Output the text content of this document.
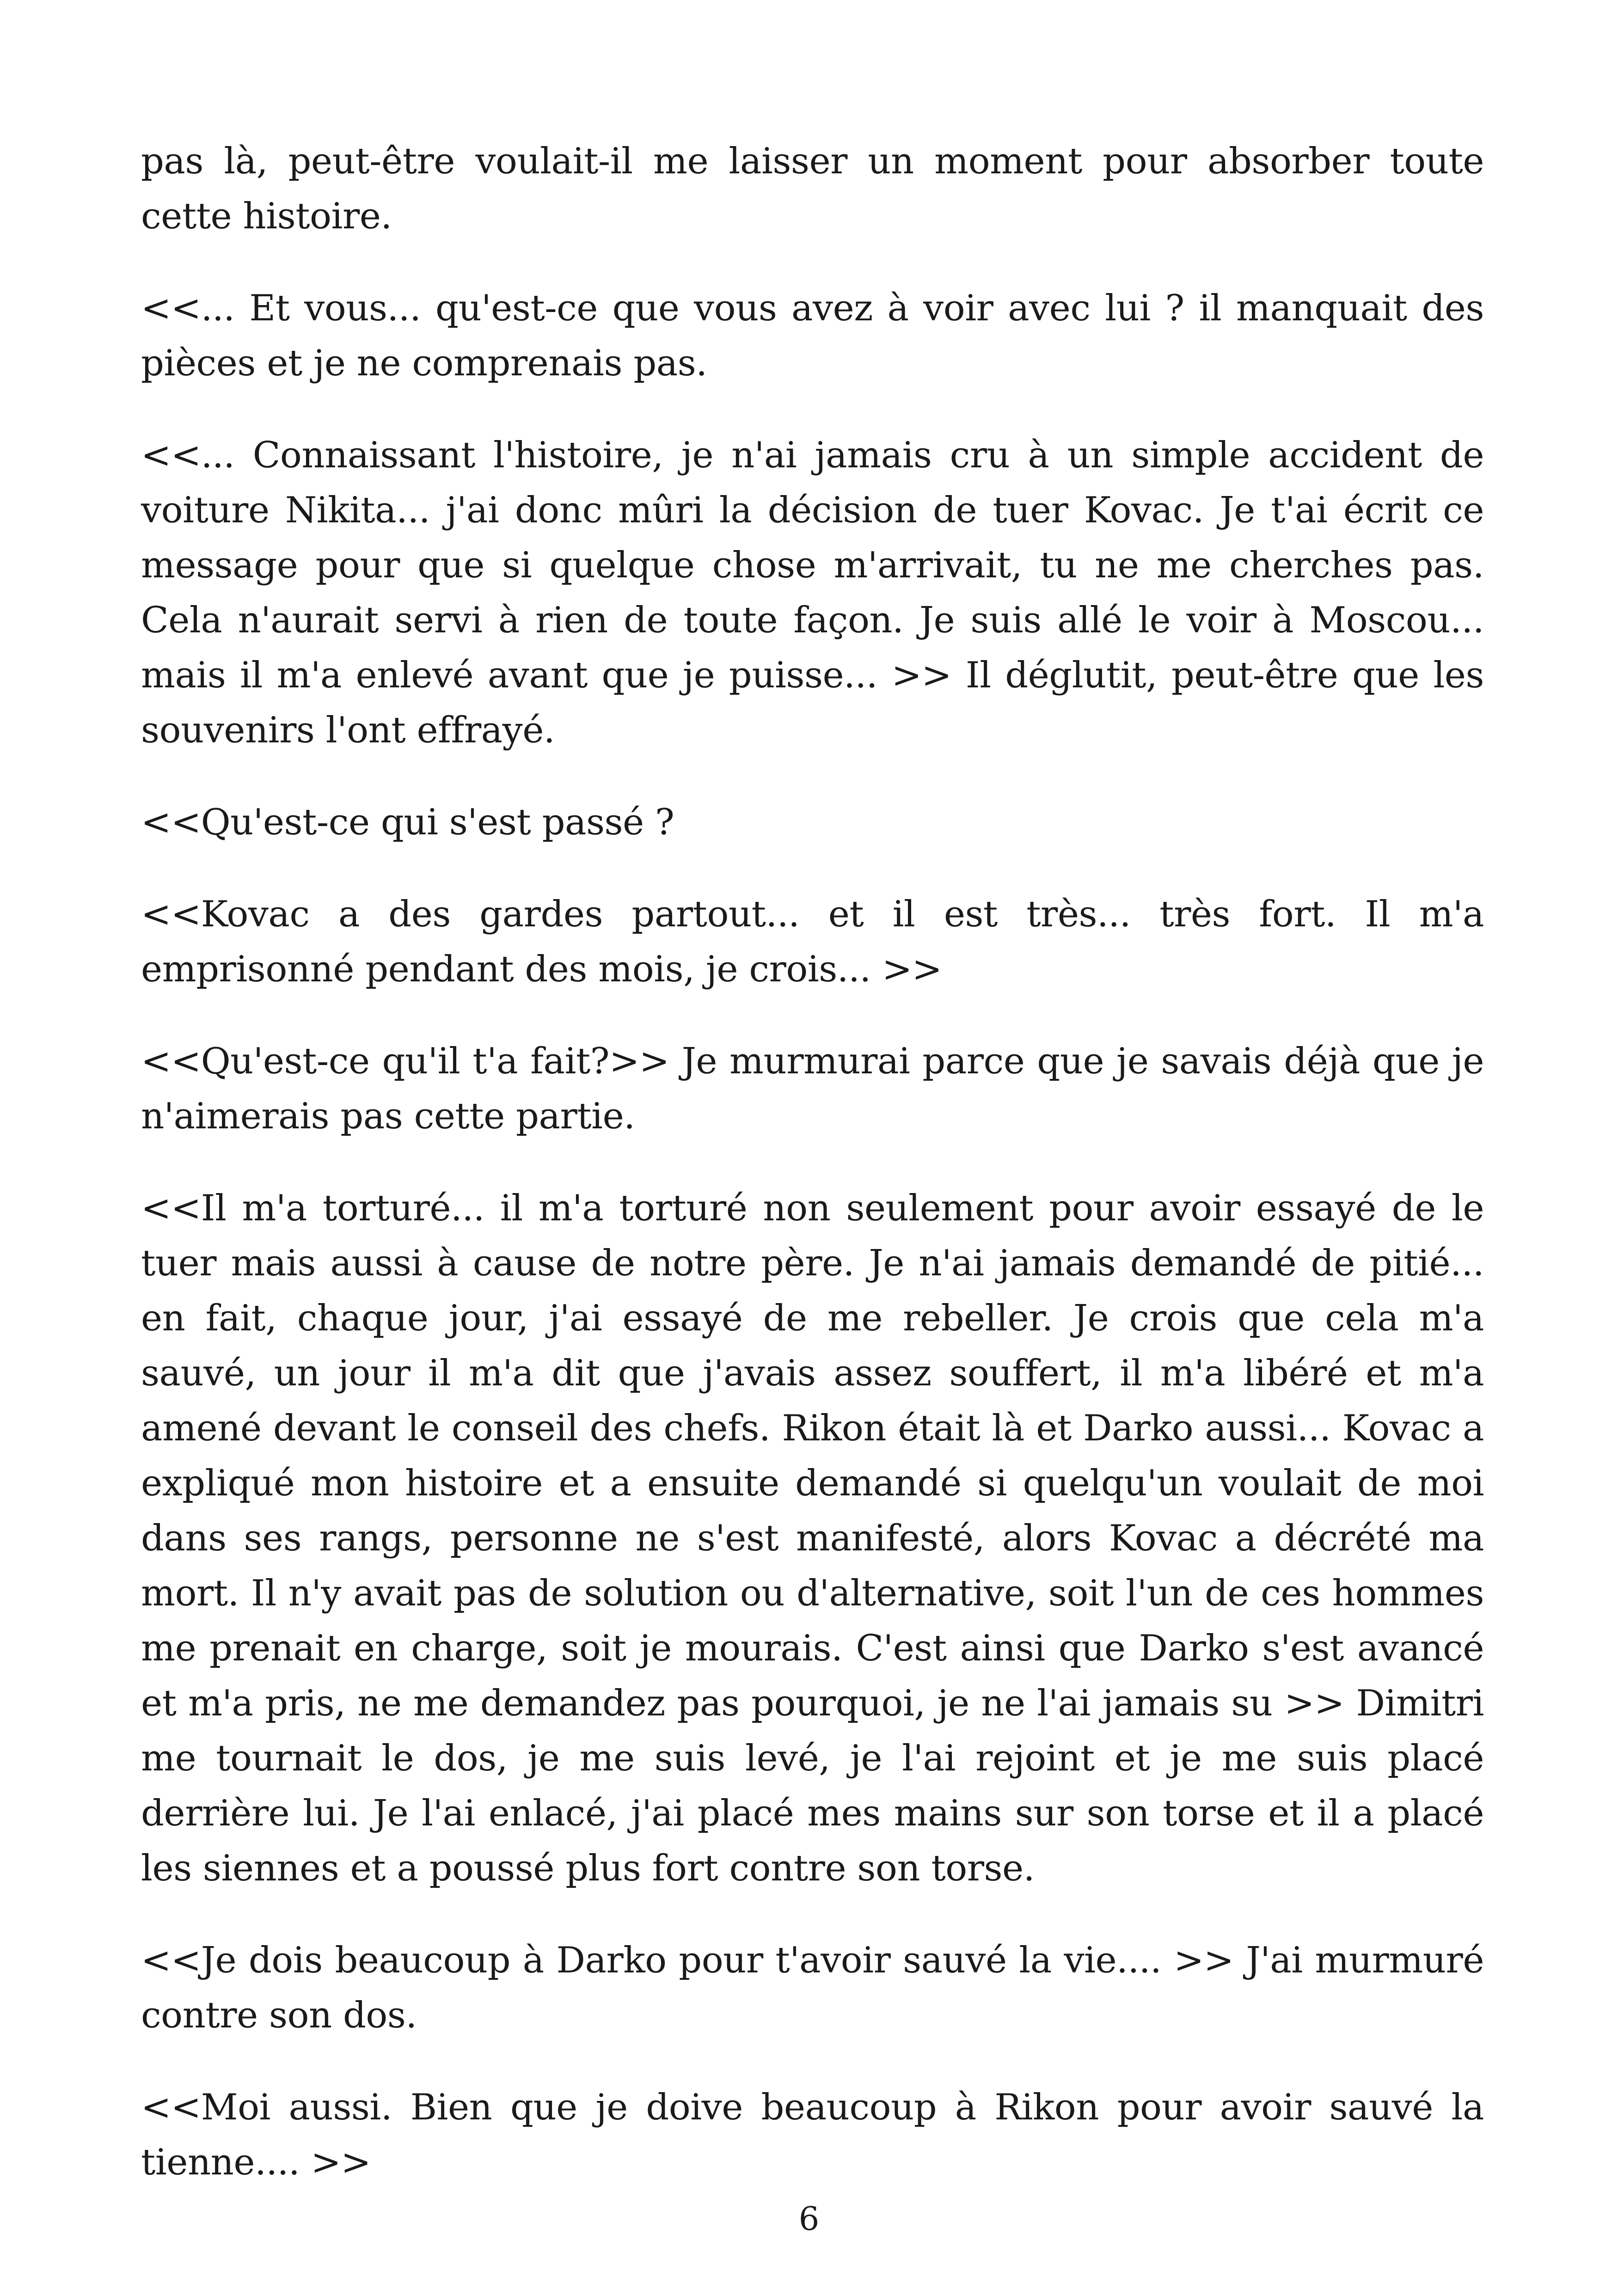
pas là, peut-être voulait-il me laisser un moment pour absorber toute cette histoire.

<<... Et vous... qu'est-ce que vous avez à voir avec lui ? il manquait des pièces et je ne comprenais pas.

<<... Connaissant l'histoire, je n'ai jamais cru à un simple accident de voiture Nikita... j'ai donc mûri la décision de tuer Kovac. Je t'ai écrit ce message pour que si quelque chose m'arrivait, tu ne me cherches pas. Cela n'aurait servi à rien de toute façon. Je suis allé le voir à Moscou... mais il m'a enlevé avant que je puisse... >> Il déglutit, peut-être que les souvenirs l'ont effrayé.

<<Qu'est-ce qui s'est passé ?

<<Kovac a des gardes partout... et il est très... très fort. Il m'a emprisonné pendant des mois, je crois... >>

<<Qu'est-ce qu'il t'a fait?>> Je murmurai parce que je savais déjà que je n'aimerais pas cette partie.

<<Il m'a torturé... il m'a torturé non seulement pour avoir essayé de le tuer mais aussi à cause de notre père. Je n'ai jamais demandé de pitié... en fait, chaque jour, j'ai essayé de me rebeller. Je crois que cela m'a sauvé, un jour il m'a dit que j'avais assez souffert, il m'a libéré et m'a amené devant le conseil des chefs. Rikon était là et Darko aussi... Kovac a expliqué mon histoire et a ensuite demandé si quelqu'un voulait de moi dans ses rangs, personne ne s'est manifesté, alors Kovac a décrété ma mort. Il n'y avait pas de solution ou d'alternative, soit l'un de ces hommes me prenait en charge, soit je mourais. C'est ainsi que Darko s'est avancé et m'a pris, ne me demandez pas pourquoi, je ne l'ai jamais su >> Dimitri me tournait le dos, je me suis levé, je l'ai rejoint et je me suis placé derrière lui. Je l'ai enlacé, j'ai placé mes mains sur son torse et il a placé les siennes et a poussé plus fort contre son torse.

<<Je dois beaucoup à Darko pour t'avoir sauvé la vie.... >> J'ai murmuré contre son dos.

<<Moi aussi. Bien que je doive beaucoup à Rikon pour avoir sauvé la tienne.... >>

6
